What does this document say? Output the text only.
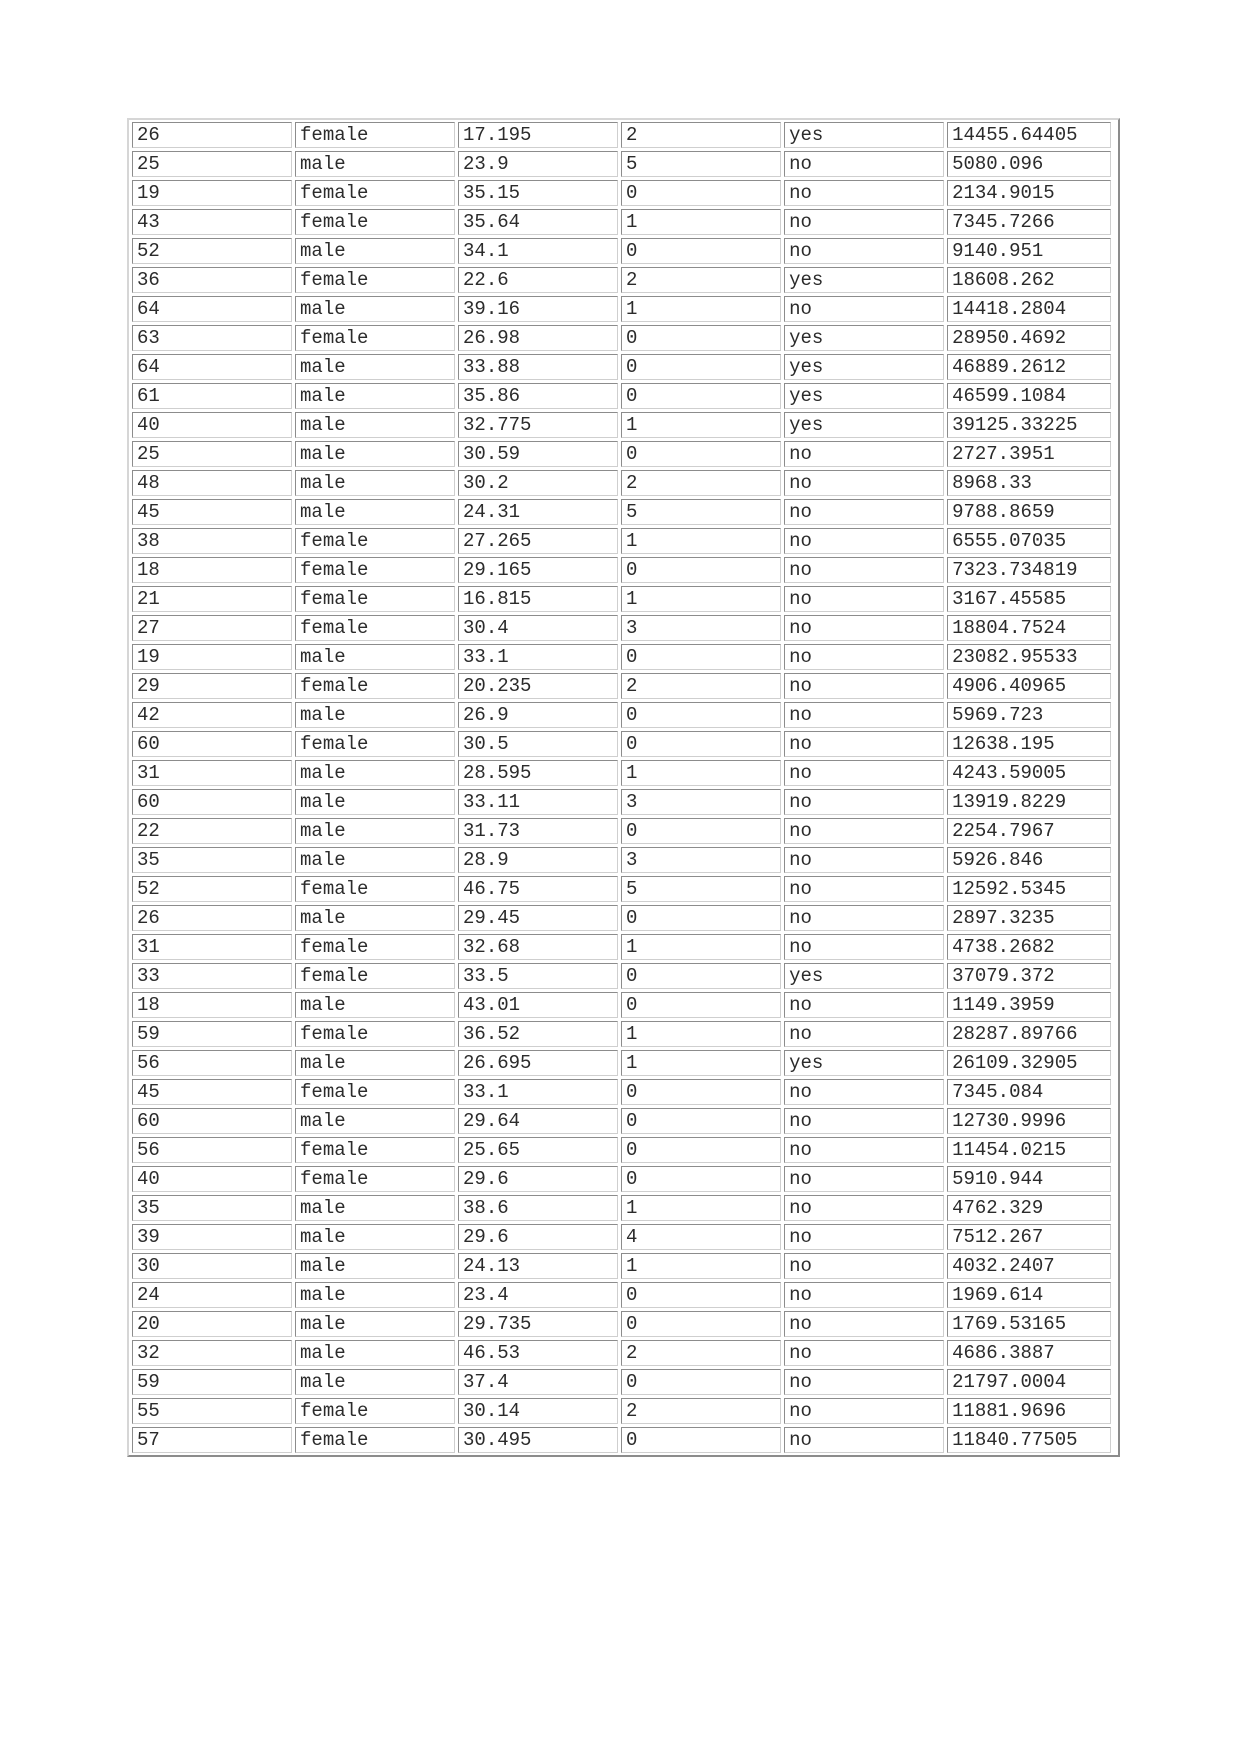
26	female	17.195	2	yes	14455.64405
25	male	23.9	5	no	5080.096
19	female	35.15	0	no	2134.9015
43	female	35.64	1	no	7345.7266
52	male	34.1	0	no	9140.951
36	female	22.6	2	yes	18608.262
64	male	39.16	1	no	14418.2804
63	female	26.98	0	yes	28950.4692
64	male	33.88	0	yes	46889.2612
61	male	35.86	0	yes	46599.1084
40	male	32.775	1	yes	39125.33225
25	male	30.59	0	no	2727.3951
48	male	30.2	2	no	8968.33
45	male	24.31	5	no	9788.8659
38	female	27.265	1	no	6555.07035
18	female	29.165	0	no	7323.734819
21	female	16.815	1	no	3167.45585
27	female	30.4	3	no	18804.7524
19	male	33.1	0	no	23082.95533
29	female	20.235	2	no	4906.40965
42	male	26.9	0	no	5969.723
60	female	30.5	0	no	12638.195
31	male	28.595	1	no	4243.59005
60	male	33.11	3	no	13919.8229
22	male	31.73	0	no	2254.7967
35	male	28.9	3	no	5926.846
52	female	46.75	5	no	12592.5345
26	male	29.45	0	no	2897.3235
31	female	32.68	1	no	4738.2682
33	female	33.5	0	yes	37079.372
18	male	43.01	0	no	1149.3959
59	female	36.52	1	no	28287.89766
56	male	26.695	1	yes	26109.32905
45	female	33.1	0	no	7345.084
60	male	29.64	0	no	12730.9996
56	female	25.65	0	no	11454.0215
40	female	29.6	0	no	5910.944
35	male	38.6	1	no	4762.329
39	male	29.6	4	no	7512.267
30	male	24.13	1	no	4032.2407
24	male	23.4	0	no	1969.614
20	male	29.735	0	no	1769.53165
32	male	46.53	2	no	4686.3887
59	male	37.4	0	no	21797.0004
55	female	30.14	2	no	11881.9696
57	female	30.495	0	no	11840.77505
